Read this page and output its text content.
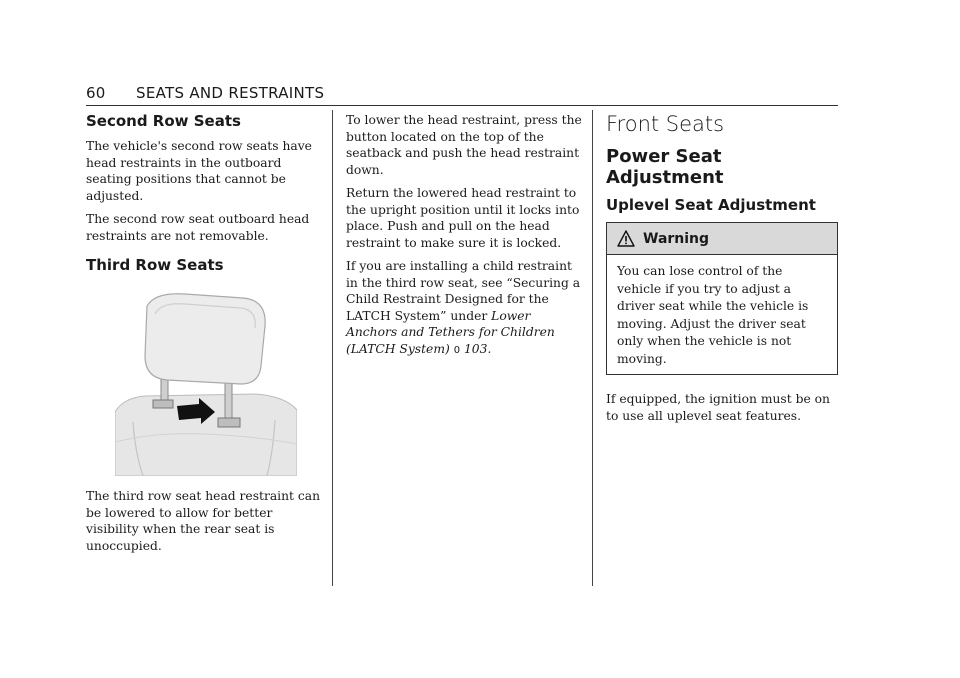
60 SEATS AND RESTRAINTS
Second Row Seats

The vehicle's second row seats have head restraints in the outboard seating positions that cannot be adjusted.

The second row seat outboard head restraints are not removable.

Third Row Seats

The third row seat head restraint can be lowered to allow for better visibility when the rear seat is unoccupied.

To lower the head restraint, press the button located on the top of the seatback and push the head restraint down.

Return the lowered head restraint to the upright position until it locks into place. Push and pull on the head restraint to make sure it is locked.

If you are installing a child restraint in the third row seat, see “Securing a Child Restraint Designed for the LATCH System” under Lower Anchors and Tethers for Children (LATCH System) 0 103.

Front Seats
Power Seat Adjustment
Uplevel Seat Adjustment
Warning

You can lose control of the vehicle if you try to adjust a driver seat while the vehicle is moving. Adjust the driver seat only when the vehicle is not moving.

If equipped, the ignition must be on to use all uplevel seat features.
